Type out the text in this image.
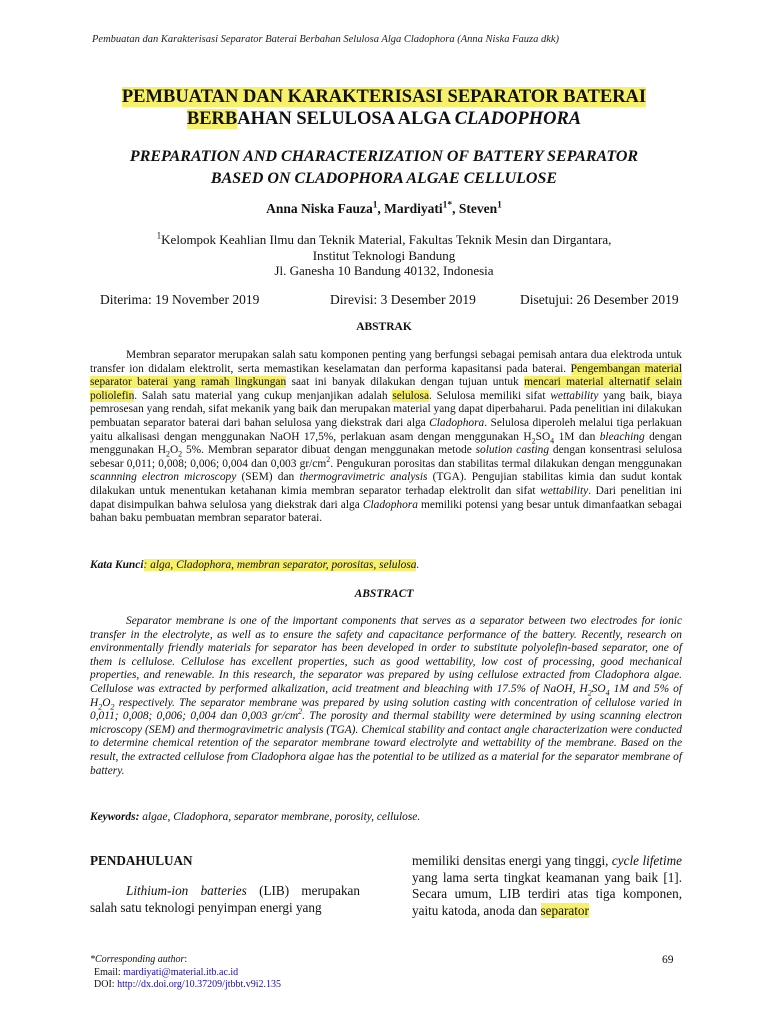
Pembuatan dan Karakterisasi Separator Baterai Berbahan Selulosa Alga Cladophora (Anna Niska Fauza dkk)
PEMBUATAN DAN KARAKTERISASI SEPARATOR BATERAI
BERBAHAN SELULOSA ALGA CLADOPHORA
PREPARATION AND CHARACTERIZATION OF BATTERY SEPARATOR
BASED ON CLADOPHORA ALGAE CELLULOSE
Anna Niska Fauza$^1$, Mardiyati$^{1*}$, Steven$^1$
$^1$Kelompok Keahlian Ilmu dan Teknik Material, Fakultas Teknik Mesin dan Dirgantara,
Institut Teknologi Bandung
Jl. Ganesha 10 Bandung 40132, Indonesia
Diterima: 19 November 2019	Direvisi: 3 Desember 2019	Disetujui: 26 Desember 2019
ABSTRAK

Membran separator merupakan salah satu komponen penting yang berfungsi sebagai pemisah antara dua elektroda untuk transfer ion didalam elektrolit, serta memastikan keselamatan dan performa kapasitansi pada baterai. Pengembangan material separator baterai yang ramah lingkungan saat ini banyak dilakukan dengan tujuan untuk mencari material alternatif selain poliolefin. Salah satu material yang cukup menjanjikan adalah selulosa. Selulosa memiliki sifat wettability yang baik, biaya pemrosesan yang rendah, sifat mekanik yang baik dan merupakan material yang dapat diperbaharui. Pada penelitian ini dilakukan pembuatan separator baterai dari bahan selulosa yang diekstrak dari alga Cladophora. Selulosa diperoleh melalui tiga perlakuan yaitu alkalisasi dengan menggunakan NaOH 17,5%, perlakuan asam dengan menggunakan $H_2SO_4$ 1M dan bleaching dengan menggunakan $H_2O_2$ 5%. Membran separator dibuat dengan menggunakan metode solution casting dengan konsentrasi selulosa sebesar 0,011; 0,008; 0,006; 0,004 dan 0,003 $gr/cm^2$. Pengukuran porositas dan stabilitas termal dilakukan dengan menggunakan scannning electron microscopy (SEM) dan thermogravimetric analysis (TGA). Pengujian stabilitas kimia dan sudut kontak dilakukan untuk menentukan ketahanan kimia membran separator terhadap elektrolit dan sifat wettability. Dari penelitian ini dapat disimpulkan bahwa selulosa yang diekstrak dari alga Cladophora memiliki potensi yang besar untuk dimanfaatkan sebagai bahan baku pembuatan membran separator baterai.

Kata Kunci: alga, Cladophora, membran separator, porositas, selulosa.
ABSTRACT

Separator membrane is one of the important components that serves as a separator between two electrodes for ionic transfer in the electrolyte, as well as to ensure the safety and capacitance performance of the battery. Recently, research on environmentally friendly materials for separator has been developed in order to substitute polyolefin-based separator, one of them is cellulose. Cellulose has excellent properties, such as good wettability, low cost of processing, good mechanical properties, and renewable. In this research, the separator was prepared by using cellulose extracted from Cladophora algae. Cellulose was extracted by performed alkalization, acid treatment and bleaching with 17.5% of NaOH, $H_2SO_4$ 1M and 5% of $H_2O_2$ respectively. The separator membrane was prepared by using solution casting with concentration of cellulose varied in 0,011; 0,008; 0,006; 0,004 dan 0,003 $gr/cm^2$. The porosity and thermal stability were determined by using scanning electron microscopy (SEM) and thermogravimetric analysis (TGA). Chemical stability and contact angle characterization were conducted to determine chemical retention of the separator membrane toward electrolyte and wettability of the membrane. Based on the result, the extracted cellulose from Cladophora algae has the potential to be utilized as a material for the separator membrane of battery.

Keywords: algae, Cladophora, separator membrane, porosity, cellulose.
PENDAHULUAN

Lithium-ion batteries (LIB) merupakan salah satu teknologi penyimpan energi yang

memiliki densitas energi yang tinggi, cycle lifetime yang lama serta tingkat keamanan yang baik [1]. Secara umum, LIB terdiri atas tiga komponen, yaitu katoda, anoda dan separator

*Corresponding author:
Email: mardiyati@material.itb.ac.id
DOI: http://dx.doi.org/10.37209/jtbbt.v9i2.135
69
